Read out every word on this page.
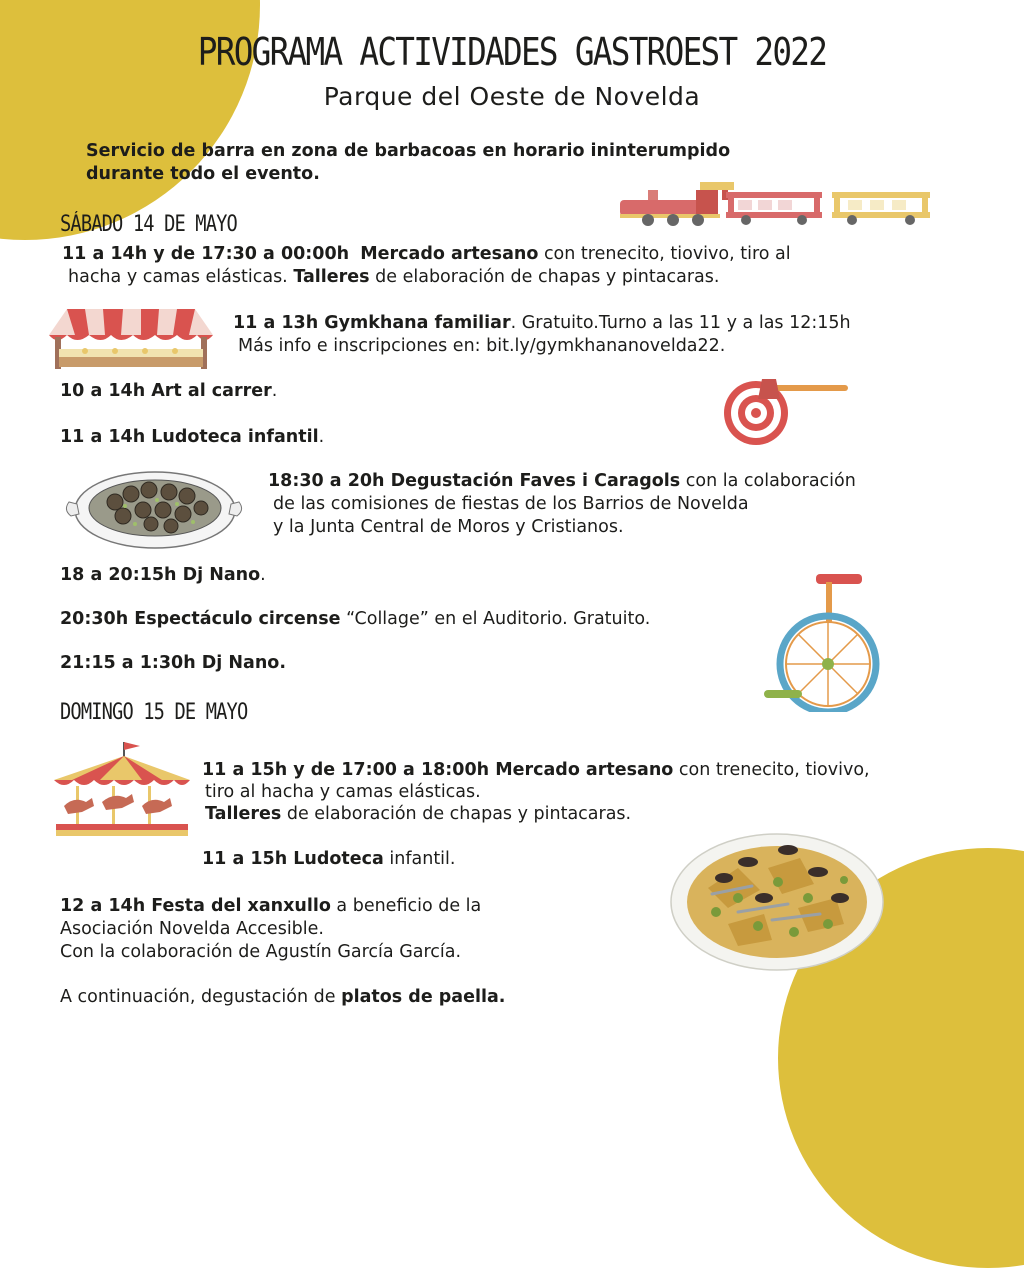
PROGRAMA ACTIVIDADES GASTROEST 2022
Parque del Oeste de Novelda
Servicio de barra en zona de barbacoas en horario ininterumpido
durante todo el evento.
SÁBADO 14 DE MAYO
11 a 14h y de 17:30 a 00:00h Mercado artesano con trenecito, tiovivo, tiro al
hacha y camas elásticas. Talleres de elaboración de chapas y pintacaras.
11 a 13h Gymkhana familiar. Gratuito.Turno a las 11 y a las 12:15h
Más info e inscripciones en: bit.ly/gymkhananovelda22.
10 a 14h Art al carrer.
11 a 14h Ludoteca infantil.
18:30 a 20h Degustación Faves i Caragols con la colaboración
de las comisiones de fiestas de los Barrios de Novelda
y la Junta Central de Moros y Cristianos.
18 a 20:15h Dj Nano.
20:30h Espectáculo circense “Collage” en el Auditorio. Gratuito.
21:15 a 1:30h Dj Nano.
DOMINGO 15 DE MAYO
11 a 15h y de 17:00 a 18:00h Mercado artesano con trenecito, tiovivo,
tiro al hacha y camas elásticas.
Talleres de elaboración de chapas y pintacaras.
11 a 15h Ludoteca infantil.
12 a 14h Festa del xanxullo a beneficio de la
Asociación Novelda Accesible.
Con la colaboración de Agustín García García.
A continuación, degustación de platos de paella.
